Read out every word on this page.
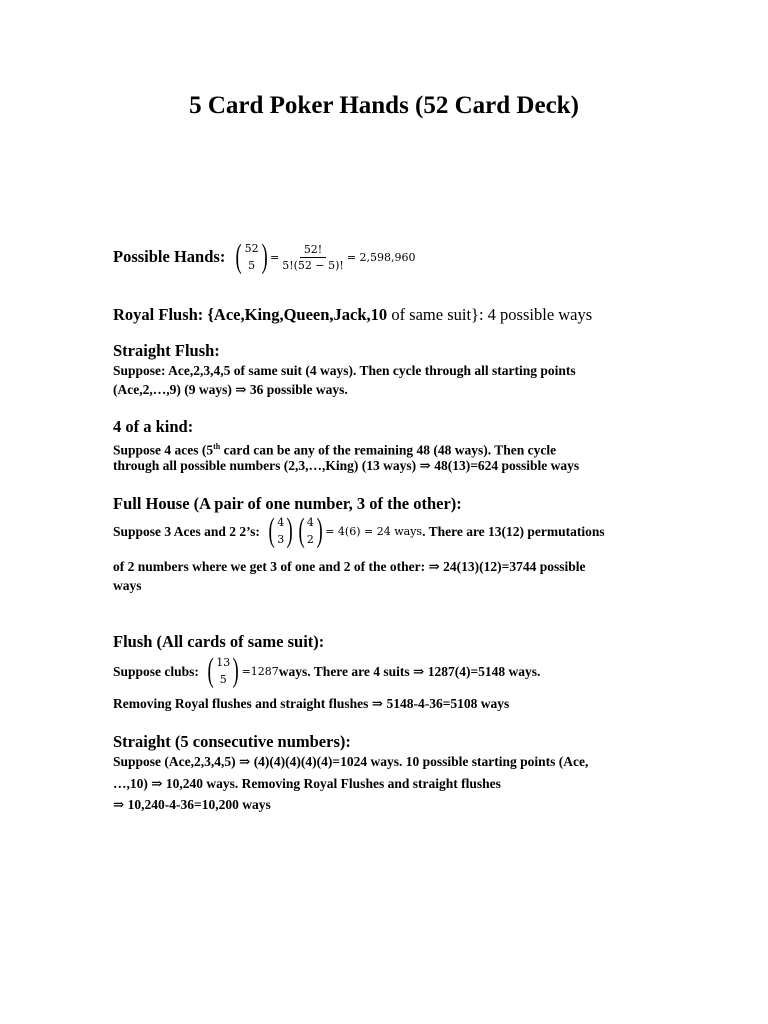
5 Card Poker Hands (52 Card Deck)
Possible Hands: ( 52
5 ) = $\frac{52!}{5!(52 - 5)!} = 2,598,960$
Royal Flush: {Ace,King,Queen,Jack,10 of same suit}: 4 possible ways
Straight Flush:
Suppose: Ace,2,3,4,5 of same suit (4 ways). Then cycle through all starting points
(Ace,2,…,9) (9 ways) ⇒ 36 possible ways.
4 of a kind:
Suppose 4 aces (5th card can be any of the remaining 48 (48 ways). Then cycle
through all possible numbers (2,3,…,King) (13 ways) ⇒ 48(13)=624 possible ways
Full House (A pair of one number, 3 of the other):
Suppose 3 Aces and 2 2’s: ( 4
3 ) ( 4
2 ) = 4(6) = 24 ways . There are 13(12) permutations
of 2 numbers where we get 3 of one and 2 of the other: ⇒ 24(13)(12)=3744 possible
ways
Flush (All cards of same suit):
Suppose clubs: ( 13
5 ) =1287 ways. There are 4 suits ⇒ 1287(4)=5148 ways.
Removing Royal flushes and straight flushes ⇒ 5148-4-36=5108 ways
Straight (5 consecutive numbers):
Suppose (Ace,2,3,4,5) ⇒ (4)(4)(4)(4)(4)=1024 ways. 10 possible starting points (Ace,
…,10) ⇒ 10,240 ways. Removing Royal Flushes and straight flushes
⇒ 10,240-4-36=10,200 ways
